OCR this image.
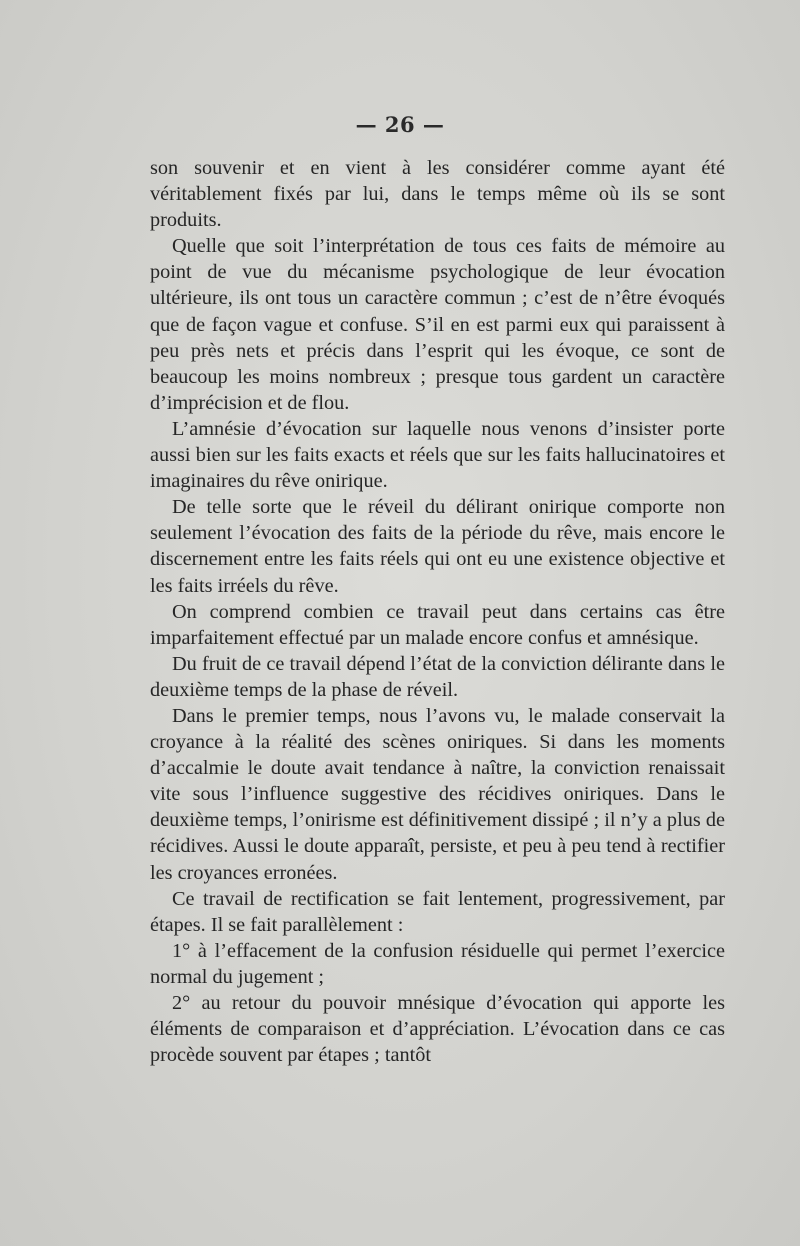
— 26 —

son souvenir et en vient à les considérer comme ayant été véritablement fixés par lui, dans le temps même où ils se sont produits.

Quelle que soit l’interprétation de tous ces faits de mémoire au point de vue du mécanisme psychologique de leur évocation ultérieure, ils ont tous un caractère commun ; c’est de n’être évoqués que de façon vague et confuse. S’il en est parmi eux qui paraissent à peu près nets et précis dans l’esprit qui les évoque, ce sont de beaucoup les moins nombreux ; presque tous gardent un caractère d’imprécision et de flou.

L’amnésie d’évocation sur laquelle nous venons d’insister porte aussi bien sur les faits exacts et réels que sur les faits hallucinatoires et imaginaires du rêve onirique.

De telle sorte que le réveil du délirant onirique comporte non seulement l’évocation des faits de la période du rêve, mais encore le discernement entre les faits réels qui ont eu une existence objective et les faits irréels du rêve.

On comprend combien ce travail peut dans certains cas être imparfaitement effectué par un malade encore confus et amnésique.

Du fruit de ce travail dépend l’état de la conviction délirante dans le deuxième temps de la phase de réveil.

Dans le premier temps, nous l’avons vu, le malade conservait la croyance à la réalité des scènes oniriques. Si dans les moments d’accalmie le doute avait tendance à naître, la conviction renaissait vite sous l’influence suggestive des récidives oniriques. Dans le deuxième temps, l’onirisme est définitivement dissipé ; il n’y a plus de récidives. Aussi le doute apparaît, persiste, et peu à peu tend à rectifier les croyances erronées.

Ce travail de rectification se fait lentement, progressivement, par étapes. Il se fait parallèlement :

1° à l’effacement de la confusion résiduelle qui permet l’exercice normal du jugement ;

2° au retour du pouvoir mnésique d’évocation qui apporte les éléments de comparaison et d’appréciation. L’évocation dans ce cas procède souvent par étapes ; tantôt
